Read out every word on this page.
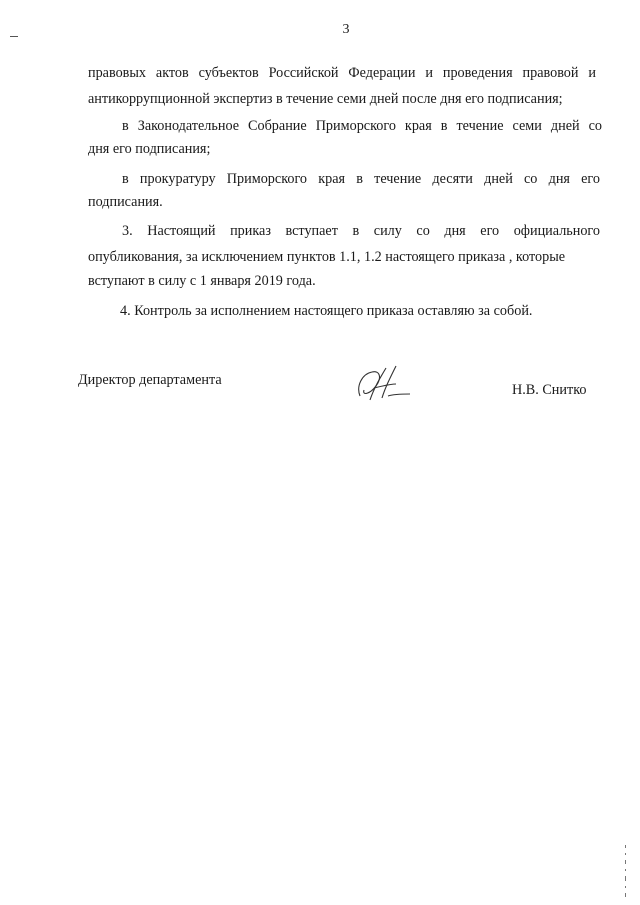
3
правовых актов субъектов Российской Федерации и проведения правовой и
антикоррупционной экспертиз в течение семи дней после дня его подписания;
в Законодательное Собрание Приморского края в течение семи дней со
дня его подписания;
в прокуратуру Приморского края в течение десяти дней со дня его
подписания.
3. Настоящий приказ вступает в силу со дня его официального
опубликования, за исключением пунктов 1.1, 1.2 настоящего приказа , которые
вступают в силу с 1 января 2019 года.
4. Контроль за исполнением настоящего приказа оставляю за собой.
Директор департамента
Н.В. Снитко
